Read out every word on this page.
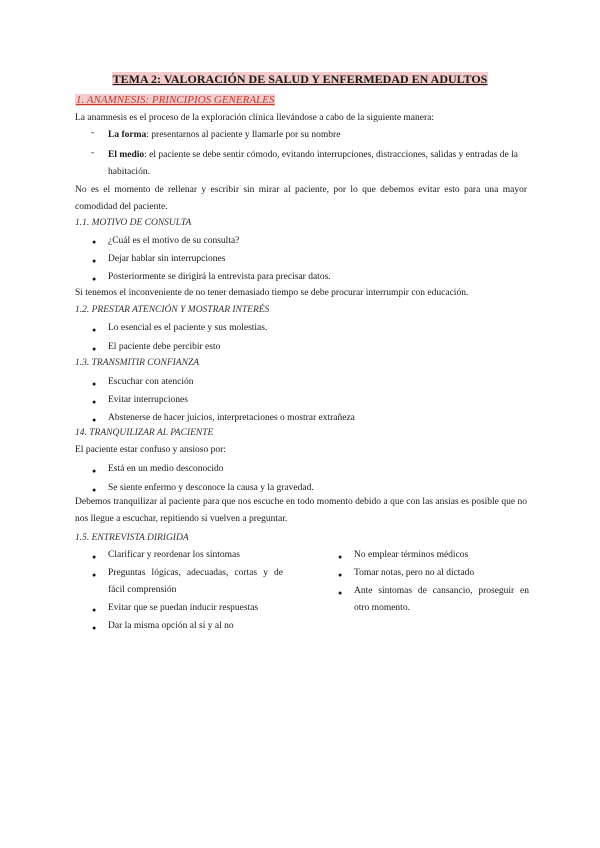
TEMA 2: VALORACIÓN DE SALUD Y ENFERMEDAD EN ADULTOS
1. ANAMNESIS: PRINCIPIOS GENERALES
La anamnesis es el proceso de la exploración clínica llevándose a cabo de la siguiente manera:
- La forma: presentarnos al paciente y llamarle por su nombre
- El medio: el paciente se debe sentir cómodo, evitando interrupciones, distracciones, salidas y entradas de la habitación.
No es el momento de rellenar y escribir sin mirar al paciente, por lo que debemos evitar esto para una mayor comodidad del paciente.
1.1. MOTIVO DE CONSULTA
● ¿Cuál es el motivo de su consulta?
● Dejar hablar sin interrupciones
● Posteriormente se dirigirá la entrevista para precisar datos.
Si tenemos el inconveniente de no tener demasiado tiempo se debe procurar interrumpir con educación.
1.2. PRESTAR ATENCIÓN Y MOSTRAR INTERÉS
● Lo esencial es el paciente y sus molestias.
● El paciente debe percibir esto
1.3. TRANSMITIR CONFIANZA
● Escuchar con atención
● Evitar interrupciones
● Abstenerse de hacer juicios, interpretaciones o mostrar extrañeza
14. TRANQUILIZAR AL PACIENTE
El paciente estar confuso y ansioso por:
● Está en un medio desconocido
● Se siente enfermo y desconoce la causa y la gravedad.
Debemos tranquilizar al paciente para que nos escuche en todo momento debido a que con las ansias es posible que no nos llegue a escuchar, repitiendo si vuelven a preguntar.
1.5. ENTREVISTA DIRIGIDA
● Clarificar y reordenar los síntomas
● Preguntas lógicas, adecuadas, cortas y de fácil comprensión
● Evitar que se puedan inducir respuestas
● Dar la misma opción al sí y al no
● No emplear términos médicos
● Tomar notas, pero no al dictado
● Ante síntomas de cansancio, proseguir en otro momento.
